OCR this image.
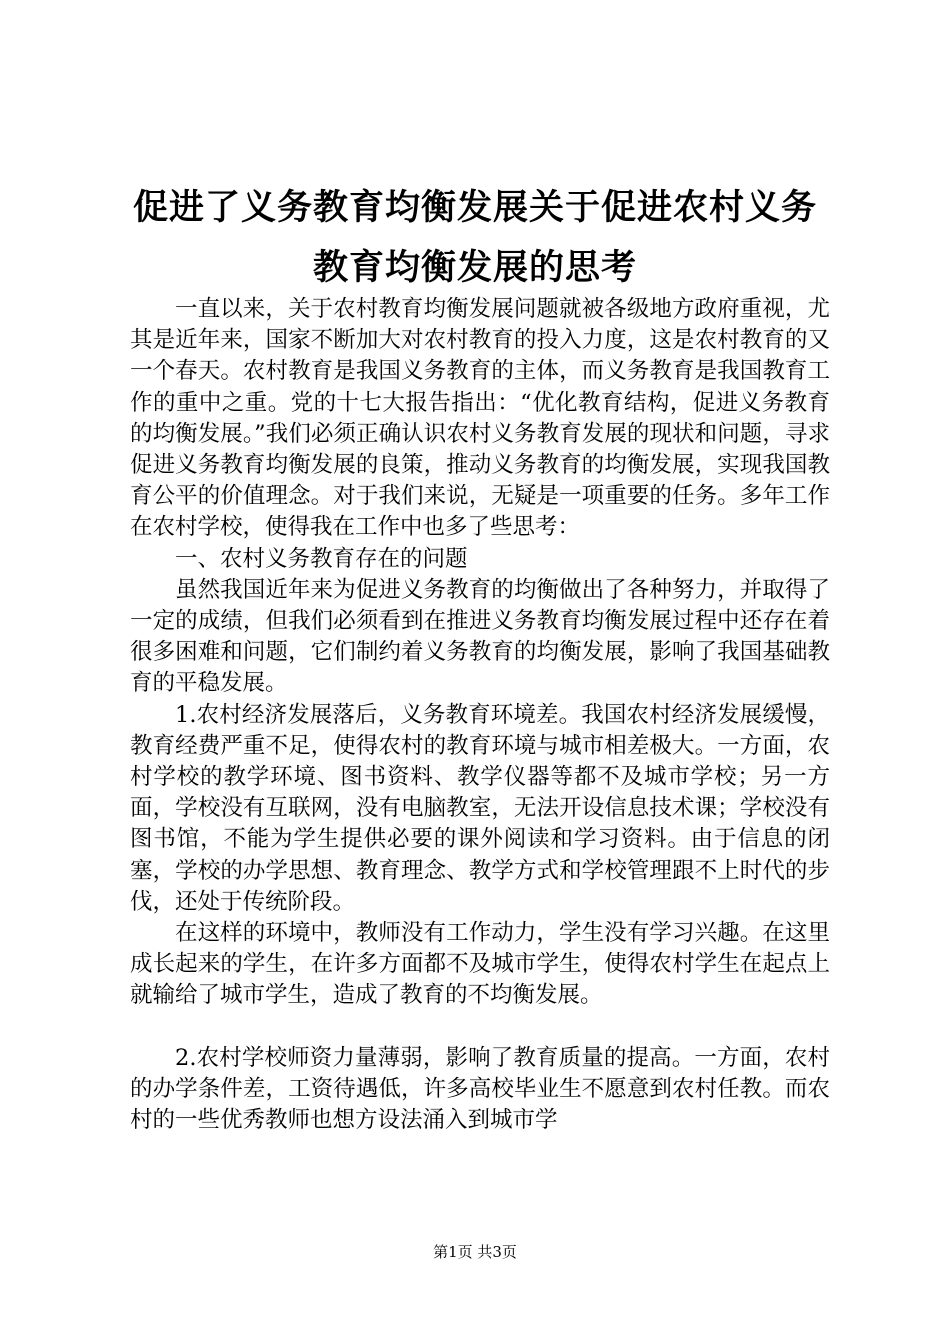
促进了义务教育均衡发展关于促进农村义务教育均衡发展的思考

一直以来，关于农村教育均衡发展问题就被各级地方政府重视，尤其是近年来，国家不断加大对农村教育的投入力度，这是农村教育的又一个春天。农村教育是我国义务教育的主体，而义务教育是我国教育工作的重中之重。党的十七大报告指出：“优化教育结构，促进义务教育的均衡发展。”我们必须正确认识农村义务教育发展的现状和问题，寻求促进义务教育均衡发展的良策，推动义务教育的均衡发展，实现我国教育公平的价值理念。对于我们来说，无疑是一项重要的任务。多年工作在农村学校，使得我在工作中也多了些思考：

一、农村义务教育存在的问题

虽然我国近年来为促进义务教育的均衡做出了各种努力，并取得了一定的成绩，但我们必须看到在推进义务教育均衡发展过程中还存在着很多困难和问题，它们制约着义务教育的均衡发展，影响了我国基础教育的平稳发展。

1.农村经济发展落后，义务教育环境差。我国农村经济发展缓慢，教育经费严重不足，使得农村的教育环境与城市相差极大。一方面，农村学校的教学环境、图书资料、教学仪器等都不及城市学校；另一方面，学校没有互联网，没有电脑教室，无法开设信息技术课；学校没有图书馆，不能为学生提供必要的课外阅读和学习资料。由于信息的闭塞，学校的办学思想、教育理念、教学方式和学校管理跟不上时代的步伐，还处于传统阶段。

在这样的环境中，教师没有工作动力，学生没有学习兴趣。在这里成长起来的学生，在许多方面都不及城市学生，使得农村学生在起点上就输给了城市学生，造成了教育的不均衡发展。

2.农村学校师资力量薄弱，影响了教育质量的提高。一方面，农村的办学条件差，工资待遇低，许多高校毕业生不愿意到农村任教。而农村的一些优秀教师也想方设法涌入到城市学

第1页 共3页
